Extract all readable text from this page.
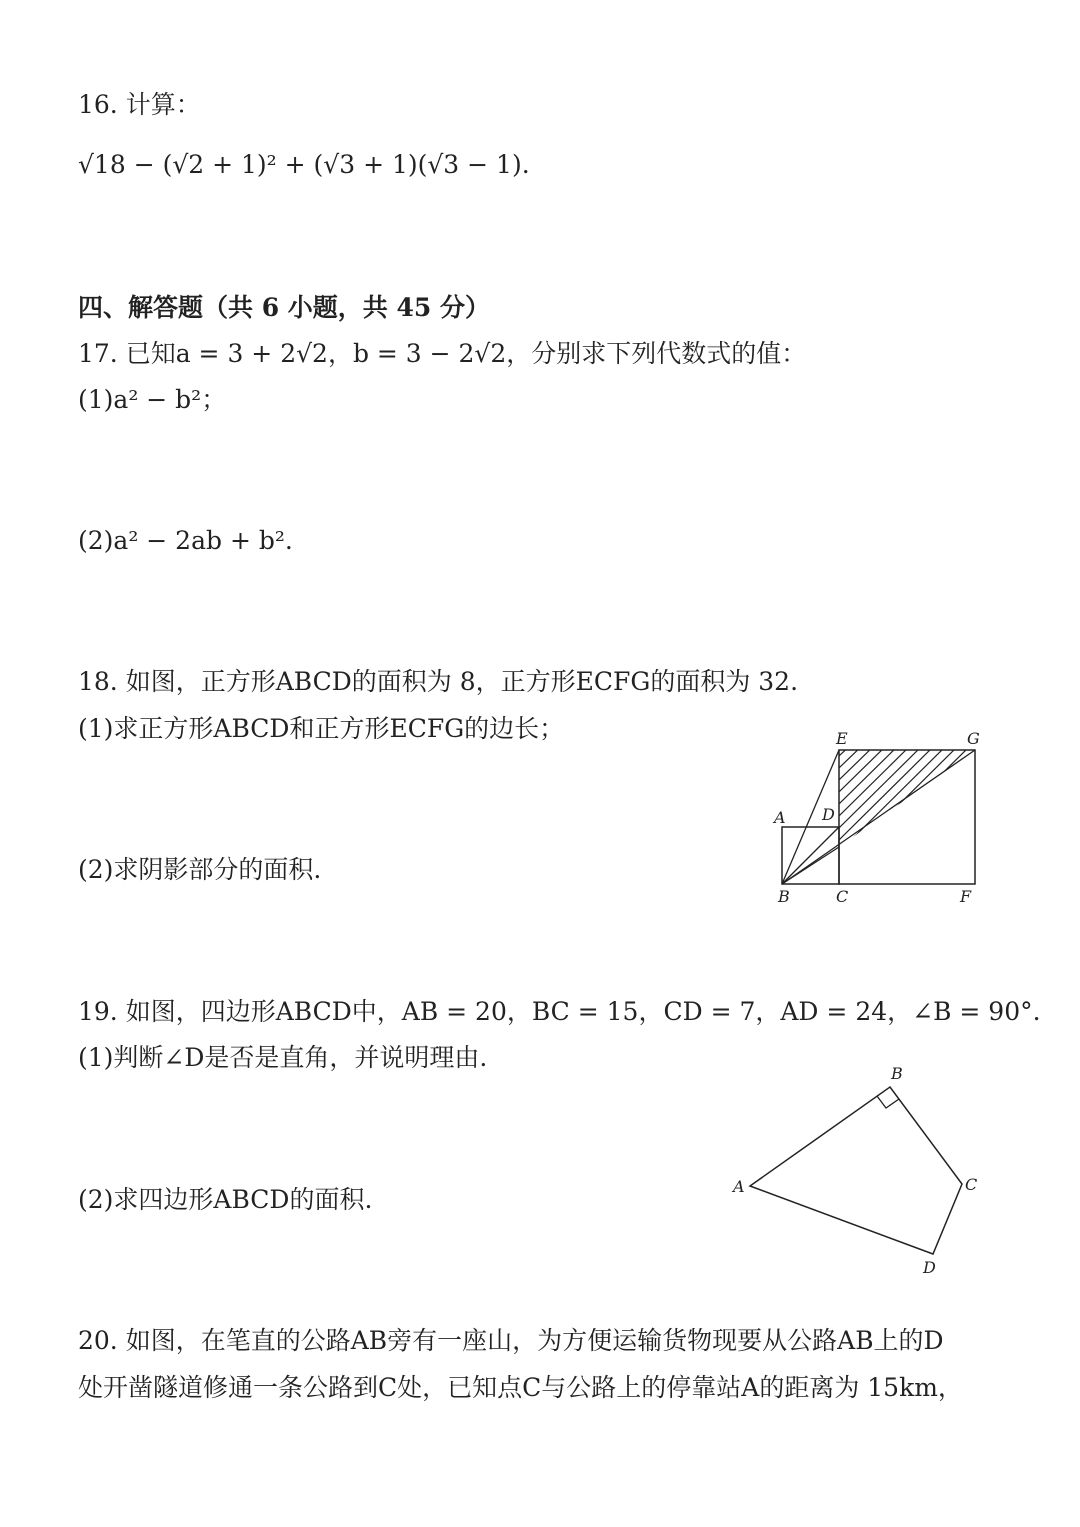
16. 计算：
√18 − (√2 + 1)² + (√3 + 1)(√3 − 1).
四、解答题（共 6 小题，共 45 分）
17. 已知a = 3 + 2√2，b = 3 − 2√2，分别求下列代数式的值：
(1)a² − b²；
(2)a² − 2ab + b².
18. 如图，正方形ABCD的面积为 8，正方形ECFG的面积为 32.
(1)求正方形ABCD和正方形ECFG的边长；
(2)求阴影部分的面积.
E	G
A D
B	C	F
19. 如图，四边形ABCD中，AB = 20，BC = 15，CD = 7，AD = 24，∠B = 90°.
(1)判断∠D是否是直角，并说明理由.
(2)求四边形ABCD的面积.
B
A	C
D
20. 如图，在笔直的公路AB旁有一座山，为方便运输货物现要从公路AB上的D
处开凿隧道修通一条公路到C处，已知点C与公路上的停靠站A的距离为 15km，
